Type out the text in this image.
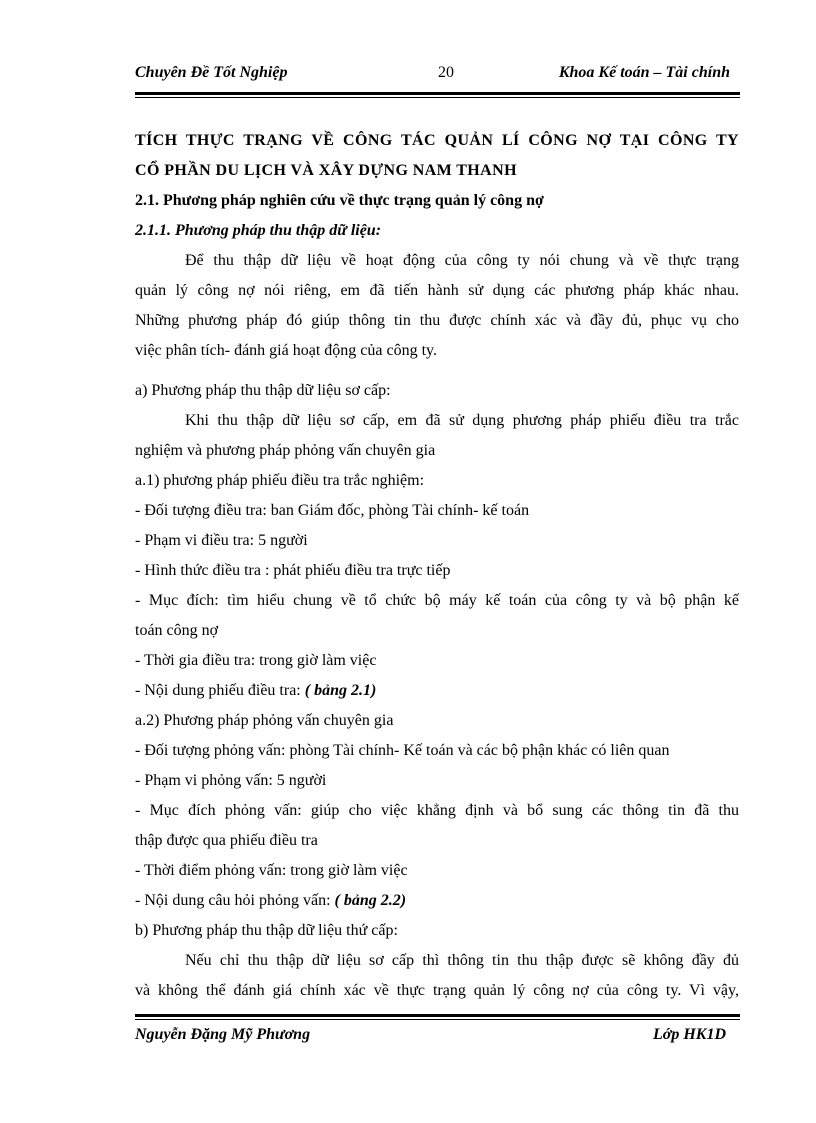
Chuyên Đề Tốt Nghiệp	20	Khoa Kế toán – Tài chính
TÍCH THỰC TRẠNG VỀ CÔNG TÁC QUẢN LÍ CÔNG NỢ TẠI CÔNG TY
CỔ PHẦN DU LỊCH VÀ XÂY DỰNG NAM THANH
2.1. Phương pháp nghiên cứu về thực trạng quản lý công nợ
2.1.1. Phương pháp thu thập dữ liệu:
Để thu thập dữ liệu về hoạt động của công ty nói chung và về thực trạng
quản lý công nợ nói riêng, em đã tiến hành sử dụng các phương pháp khác nhau.
Những phương pháp đó giúp thông tin thu được chính xác và đầy đủ, phục vụ cho
việc phân tích- đánh giá hoạt động của công ty.
a) Phương pháp thu thập dữ liệu sơ cấp:
Khi thu thập dữ liệu sơ cấp, em đã sử dụng phương pháp phiếu điều tra trắc
nghiệm và phương pháp phỏng vấn chuyên gia
a.1) phương pháp phiếu điều tra trắc nghiệm:
- Đối tượng điều tra: ban Giám đốc, phòng Tài chính- kế toán
- Phạm vi điều tra: 5 người
- Hình thức điều tra : phát phiếu điều tra trực tiếp
- Mục đích: tìm hiểu chung về tổ chức bộ máy kế toán của công ty và bộ phận kế
toán công nợ
- Thời gia điều tra: trong giờ làm việc
- Nội dung phiếu điều tra: ( bảng 2.1)
a.2) Phương pháp phỏng vấn chuyên gia
- Đối tượng phỏng vấn: phòng Tài chính- Kế toán và các bộ phận khác có liên quan
- Phạm vi phỏng vấn: 5 người
- Mục đích phỏng vấn: giúp cho việc khẳng định và bổ sung các thông tin đã thu
thập được qua phiếu điều tra
- Thời điểm phỏng vấn: trong giờ làm việc
- Nội dung câu hỏi phỏng vấn: ( bảng 2.2)
b) Phương pháp thu thập dữ liệu thứ cấp:
Nếu chỉ thu thập dữ liệu sơ cấp thì thông tin thu thập được sẽ không đầy đủ
và không thể đánh giá chính xác về thực trạng quản lý công nợ của công ty. Vì vậy,
Nguyễn Đặng Mỹ Phương	Lớp HK1D
